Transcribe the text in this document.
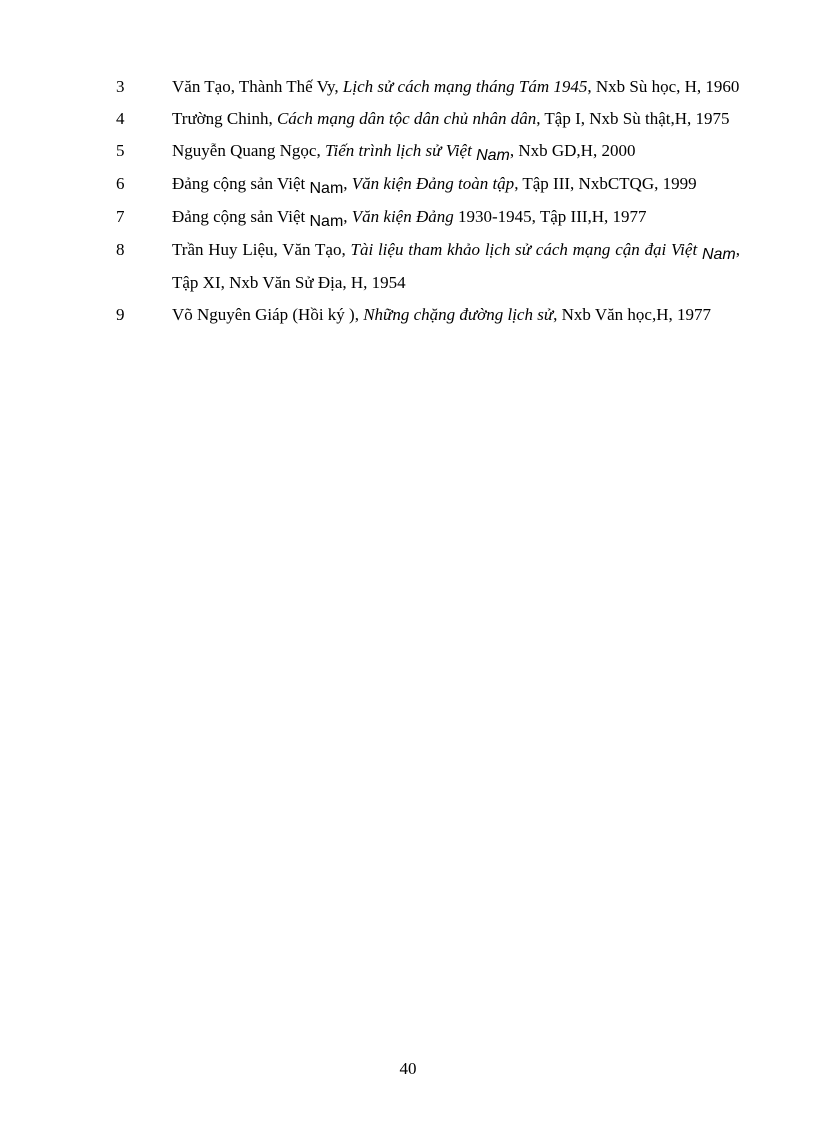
3	Văn Tạo, Thành Thế Vy, Lịch sử cách mạng tháng Tám 1945, Nxb Sù học, H, 1960
4	Trường Chinh, Cách mạng dân tộc dân chủ nhân dân, Tập I, Nxb Sù thật,H, 1975
5	Nguyễn Quang Ngọc, Tiến trình lịch sử Việt Nam, Nxb GD,H, 2000
6	Đảng cộng sản Việt Nam, Văn kiện Đảng toàn tập, Tập III, NxbCTQG, 1999
7	Đảng cộng sản Việt Nam, Văn kiện Đảng 1930-1945, Tập III,H, 1977
8	Trần Huy Liệu, Văn Tạo, Tài liệu tham khảo lịch sử cách mạng cận đại Việt Nam, Tập XI, Nxb Văn Sử Địa, H, 1954
9	Võ Nguyên Giáp (Hồi ký ), Những chặng đường lịch sử, Nxb Văn học,H, 1977
40
